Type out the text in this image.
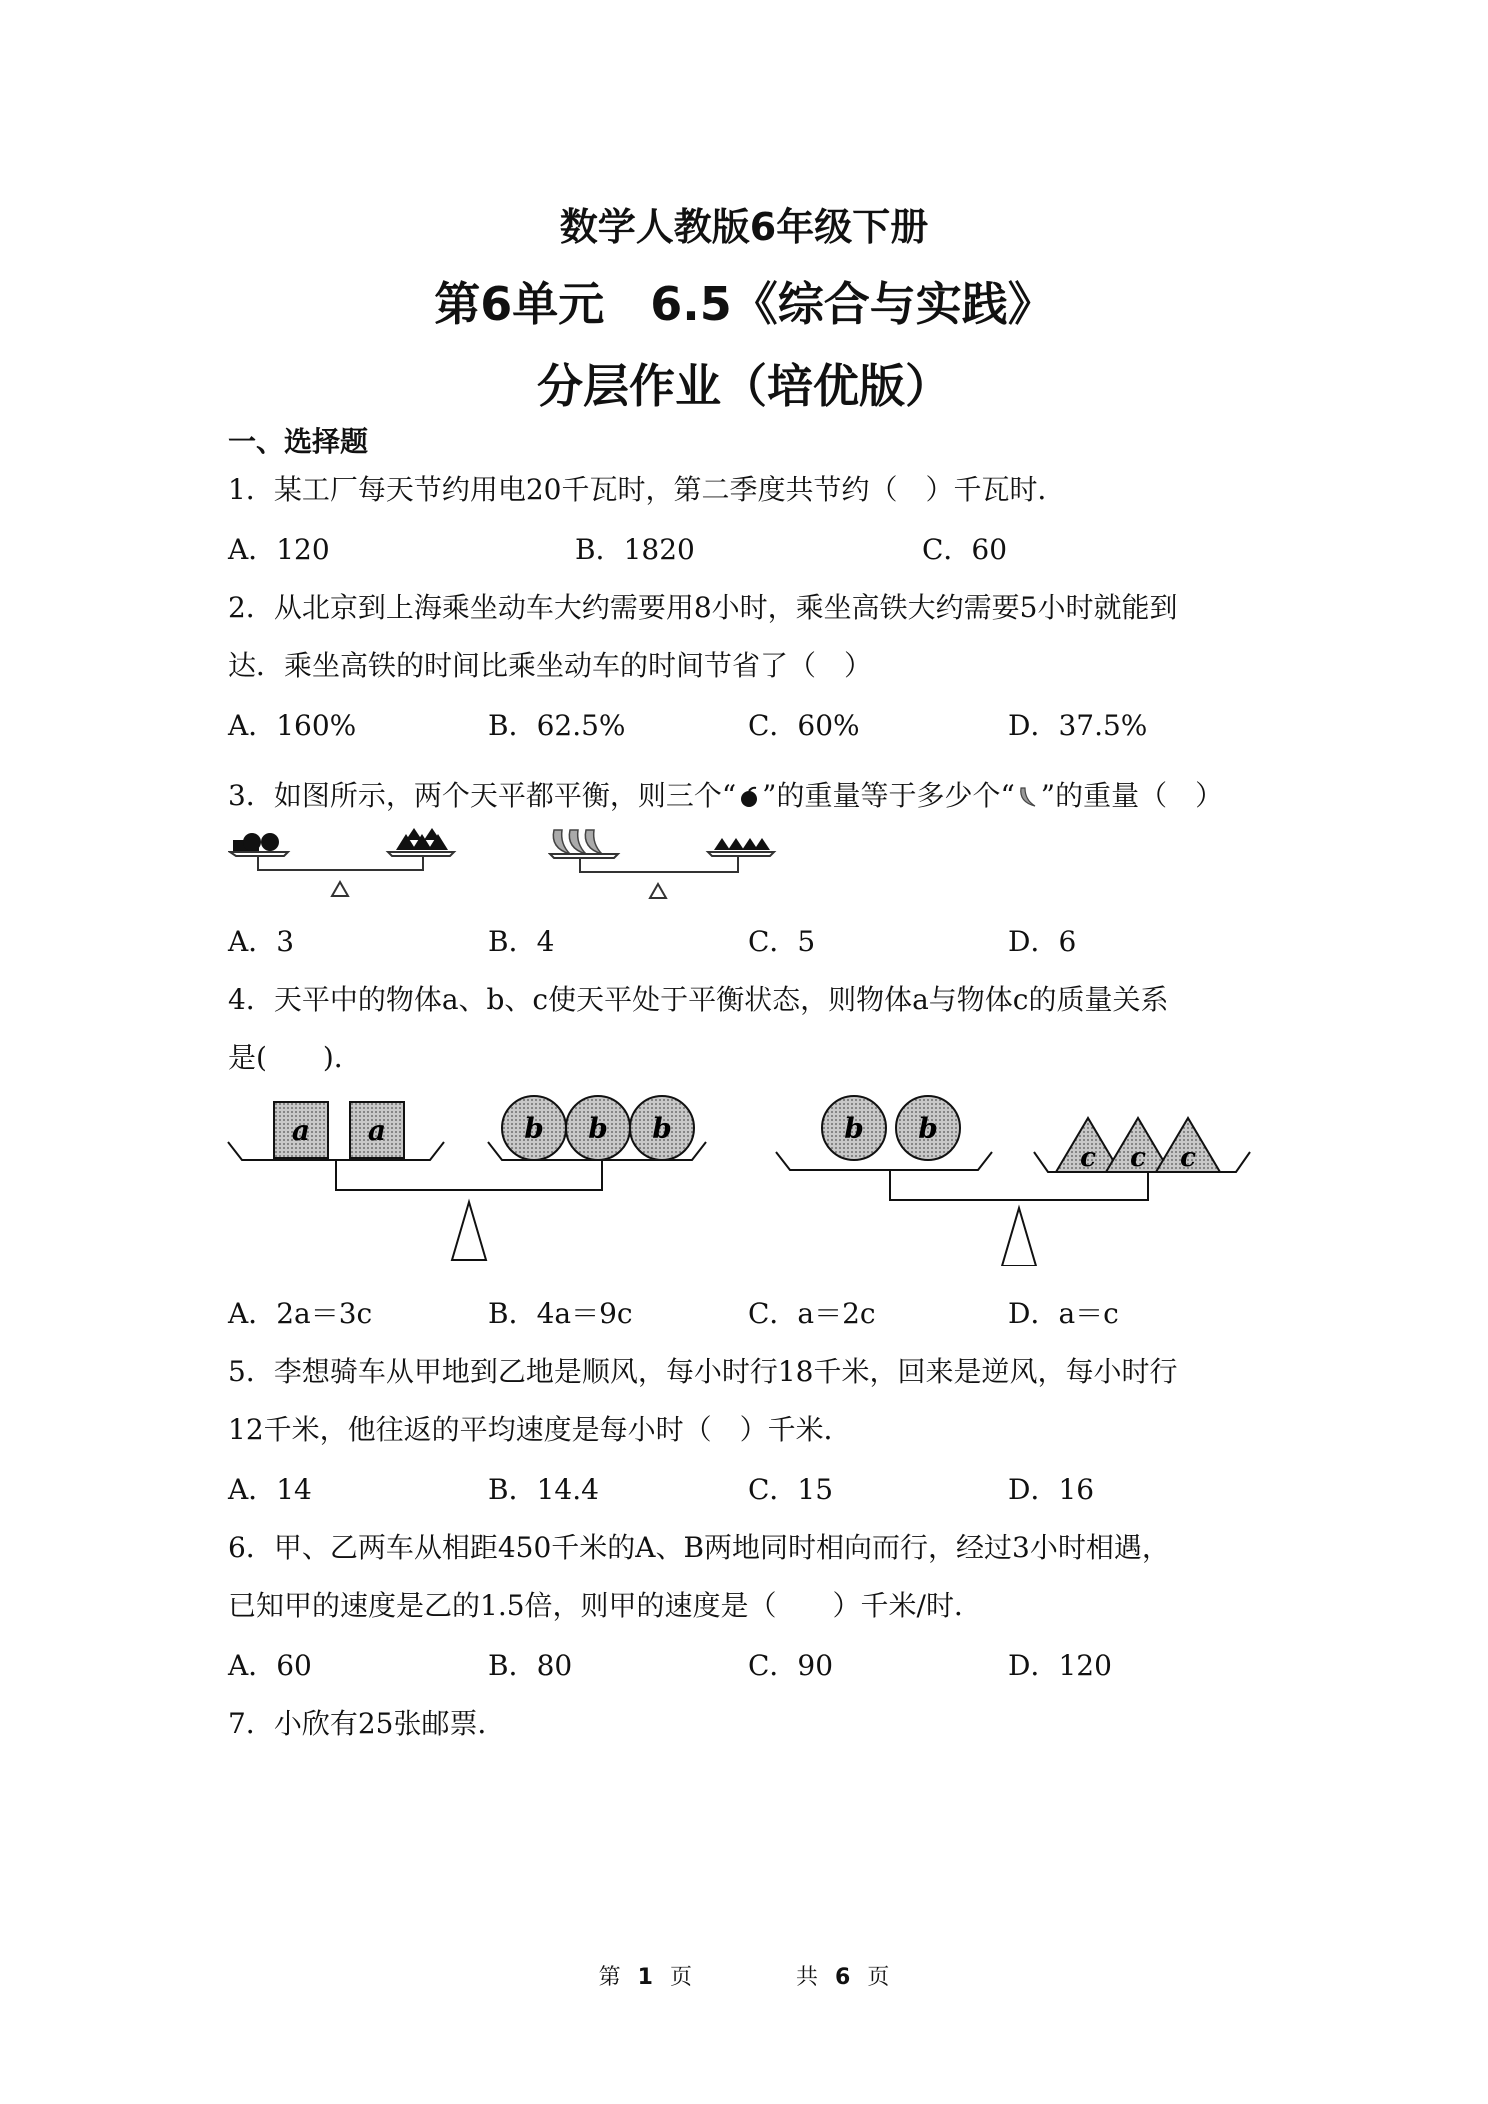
数学人教版6年级下册
第6单元　6.5《综合与实践》
分层作业（培优版）
一、选择题
1．某工厂每天节约用电20千瓦时，第二季度共节约（　）千瓦时．
A．120	B．1820	C．60
2．从北京到上海乘坐动车大约需要用8小时，乘坐高铁大约需要5小时就能到
达．乘坐高铁的时间比乘坐动车的时间节省了（　）
A．160%	B．62.5%	C．60%	D．37.5%
3．如图所示，两个天平都平衡，则三个“ ”的重量等于多少个“ ”的重量（　）
A．3	B．4	C．5	D．6
4．天平中的物体a、b、c使天平处于平衡状态，则物体a与物体c的质量关系
是(　　)．
a a	b b b	b b
c c c
A．2a＝3c	B．4a＝9c	C．a＝2c	D．a＝c
5．李想骑车从甲地到乙地是顺风，每小时行18千米，回来是逆风，每小时行
12千米，他往返的平均速度是每小时（　）千米．
A．14	B．14.4	C．15	D．16
6．甲、乙两车从相距450千米的A、B两地同时相向而行，经过3小时相遇，
已知甲的速度是乙的1.5倍，则甲的速度是（　　）千米/时．
A．60	B．80	C．90	D．120
7．小欣有25张邮票．
第 1 页	共 6 页
